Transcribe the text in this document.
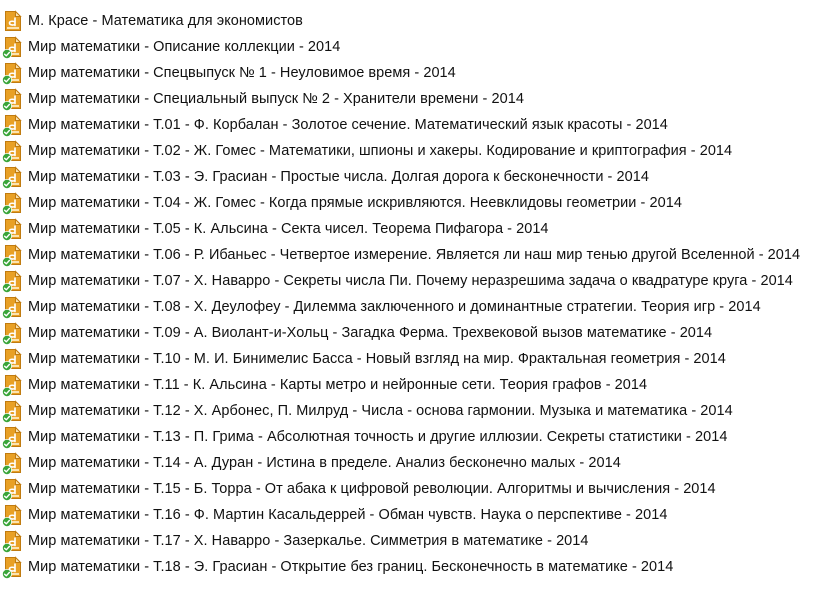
М. Красе - Математика для экономистов
Мир математики - Описание коллекции - 2014
Мир математики - Спецвыпуск № 1 - Неуловимое время - 2014
Мир математики - Специальный выпуск № 2 - Хранители времени - 2014
Мир математики - Т.01 - Ф. Корбалан - Золотое сечение. Математический язык красоты - 2014
Мир математики - Т.02 - Ж. Гомес - Математики, шпионы и хакеры. Кодирование и криптография - 2014
Мир математики - Т.03 - Э. Грасиан - Простые числа. Долгая дорога к бесконечности - 2014
Мир математики - Т.04 - Ж. Гомес - Когда прямые искривляются. Неевклидовы геометрии - 2014
Мир математики - Т.05 - К. Альсина - Секта чисел. Теорема Пифагора - 2014
Мир математики - Т.06 - Р. Ибаньес - Четвертое измерение. Является ли наш мир тенью другой Вселенной - 2014
Мир математики - Т.07 - Х. Наварро - Секреты числа Пи. Почему неразрешима задача о квадратуре круга - 2014
Мир математики - Т.08 - Х. Деулофеу - Дилемма заключенного и доминантные стратегии. Теория игр - 2014
Мир математики - Т.09 - А. Виолант-и-Хольц - Загадка Ферма. Трехвековой вызов математике - 2014
Мир математики - Т.10 - М. И. Бинимелис Басса - Новый взгляд на мир. Фрактальная геометрия - 2014
Мир математики - Т.11 - К. Альсина - Карты метро и нейронные сети. Теория графов - 2014
Мир математики - Т.12 - Х. Арбонес, П. Милруд - Числа - основа гармонии. Музыка и математика - 2014
Мир математики - Т.13 - П. Грима - Абсолютная точность и другие иллюзии. Секреты статистики - 2014
Мир математики - Т.14 - А. Дуран - Истина в пределе. Анализ бесконечно малых - 2014
Мир математики - Т.15 - Б. Торра - От абака к цифровой революции. Алгоритмы и вычисления - 2014
Мир математики - Т.16 - Ф. Мартин Касальдеррей - Обман чувств. Наука о перспективе - 2014
Мир математики - Т.17 - Х. Наварро - Зазеркалье. Симметрия в математике - 2014
Мир математики - Т.18 - Э. Грасиан - Открытие без границ. Бесконечность в математике - 2014
